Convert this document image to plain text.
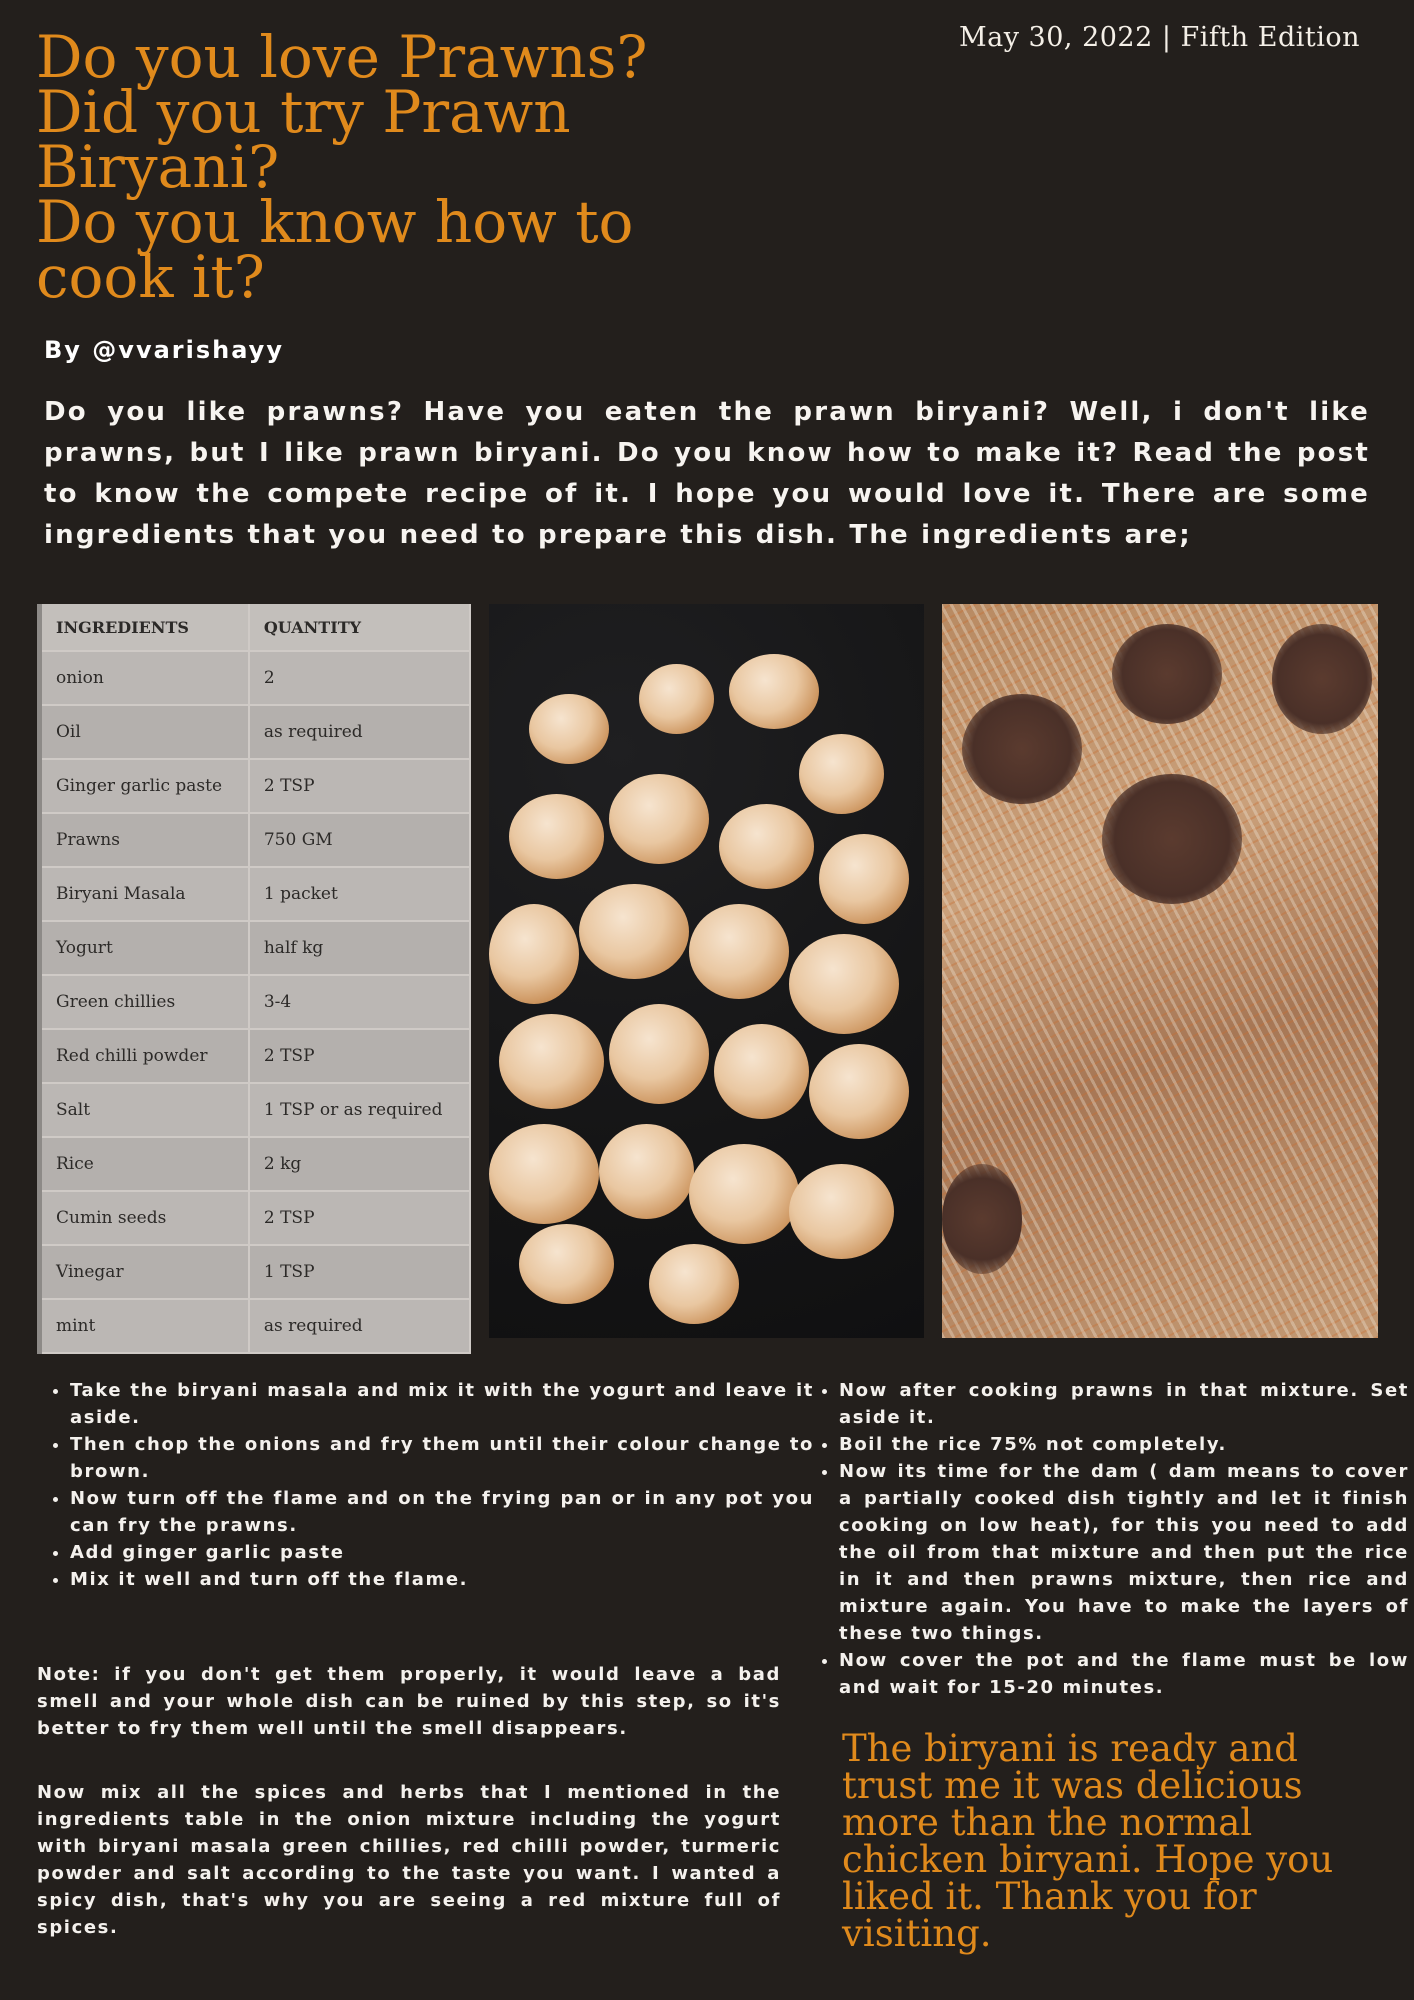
May 30, 2022 | Fifth Edition
Do you love Prawns?
Did you try Prawn
Biryani?
Do you know how to
cook it?

By @vvarishayy

Do you like prawns? Have you eaten the prawn biryani? Well, i don't like prawns, but I like prawn biryani. Do you know how to make it? Read the post to know the compete recipe of it. I hope you would love it. There are some ingredients that you need to prepare this dish. The ingredients are;

INGREDIENTS	QUANTITY
onion	2
Oil	as required
Ginger garlic paste	2 TSP
Prawns	750 GM
Biryani Masala	1 packet
Yogurt	half kg
Green chillies	3-4
Red chilli powder	2 TSP
Salt	1 TSP or as required
Rice	2 kg
Cumin seeds	2 TSP
Vinegar	1 TSP
mint	as required
• Take the biryani masala and mix it with the yogurt and leave it aside.
• Then chop the onions and fry them until their colour change to brown.
• Now turn off the flame and on the frying pan or in any pot you can fry the prawns.
• Add ginger garlic paste
• Mix it well and turn off the flame.

Note: if you don't get them properly, it would leave a bad smell and your whole dish can be ruined by this step, so it's better to fry them well until the smell disappears.

Now mix all the spices and herbs that I mentioned in the ingredients table in the onion mixture including the yogurt with biryani masala green chillies, red chilli powder, turmeric powder and salt according to the taste you want. I wanted a spicy dish, that's why you are seeing a red mixture full of spices.

• Now after cooking prawns in that mixture. Set aside it.
• Boil the rice 75% not completely.
• Now its time for the dam ( dam means to cover a partially cooked dish tightly and let it finish cooking on low heat), for this you need to add the oil from that mixture and then put the rice in it and then prawns mixture, then rice and mixture again. You have to make the layers of these two things.
• Now cover the pot and the flame must be low and wait for 15-20 minutes.

The biryani is ready and trust me it was delicious more than the normal chicken biryani. Hope you liked it. Thank you for visiting.
